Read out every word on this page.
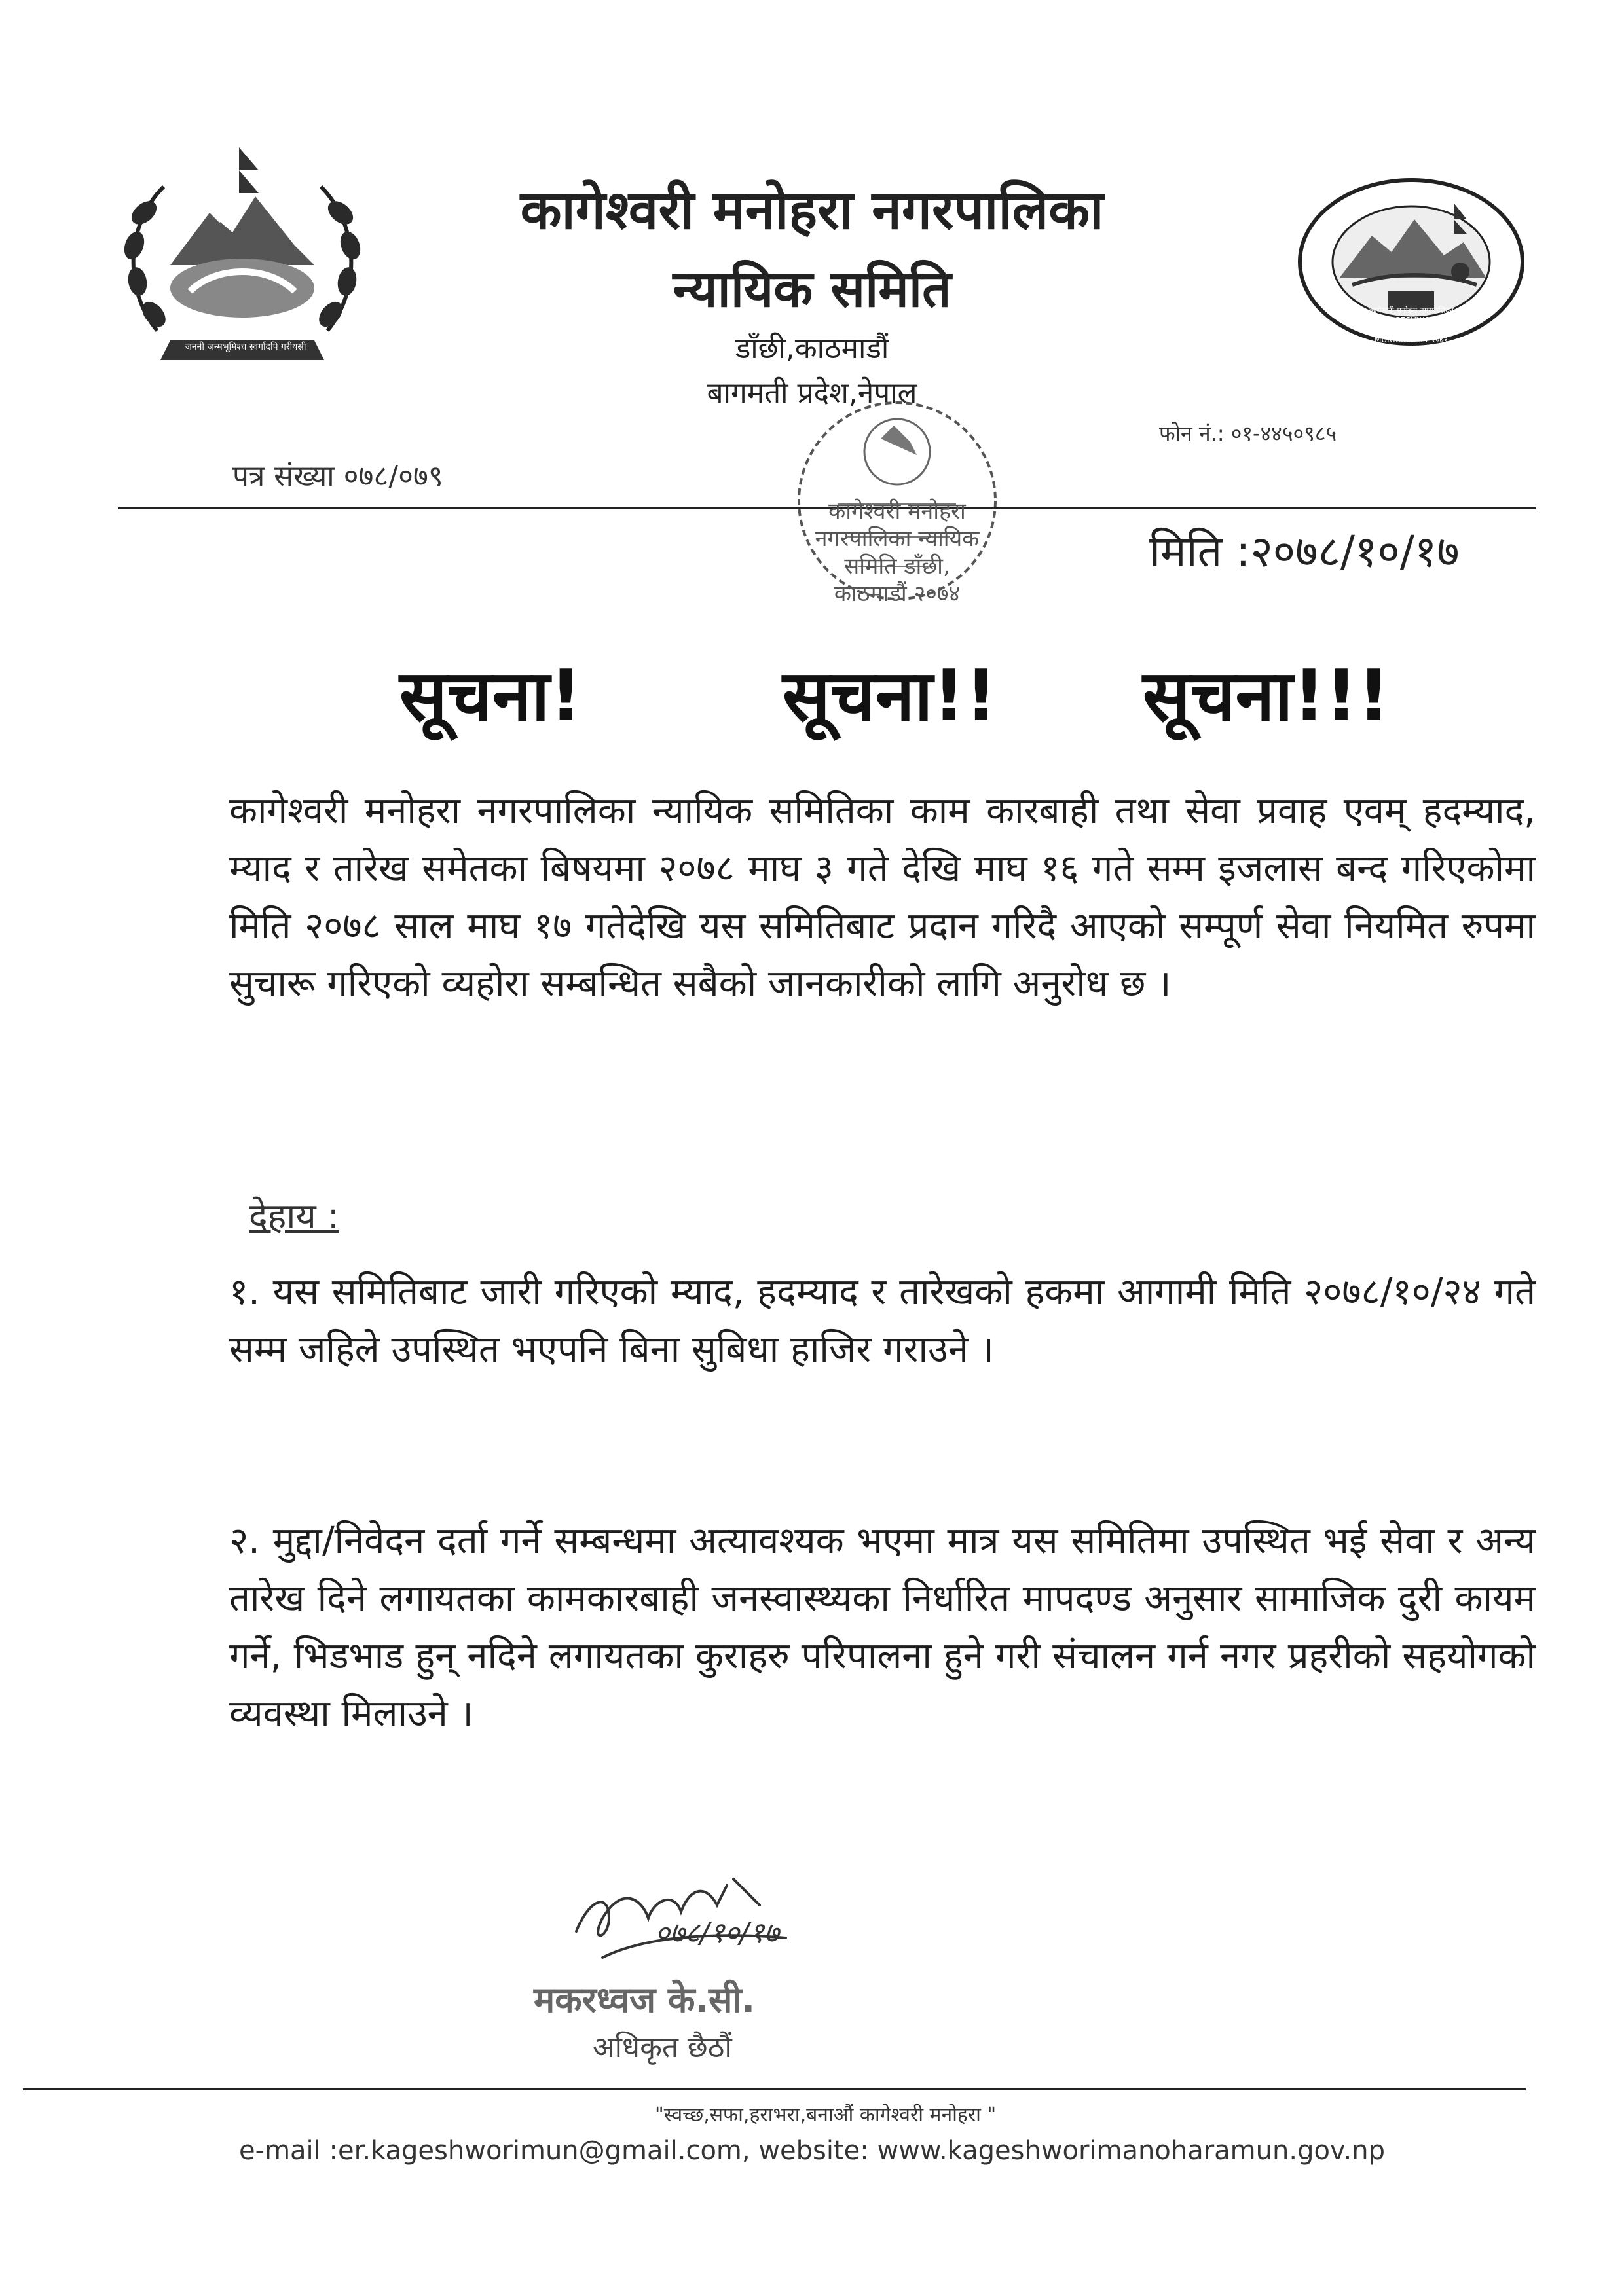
जननी जन्मभूमिश्च स्वर्गादपि गरीयसी
कागेश्वरी मनोहरा नगरपालिका KAGESHWORI MANOHARA MUNICIPALITY २०७१
कागेश्वरी मनोहरा नगरपालिका
न्यायिक समिति
डाँछी,काठमाडौं
बागमती प्रदेश,नेपाल
फोन नं.: ०१-४४५०९८५
पत्र संख्या ०७८/०७९
कागेश्वरी मनोहरा नगरपालिका न्यायिक समिति डाँछी, काठमाडौं २०७४
मिति :२०७८/१०/१७
सूचना!	सूचना!! सूचना!!!
कागेश्वरी मनोहरा नगरपालिका न्यायिक समितिका काम कारबाही तथा सेवा प्रवाह एवम् हदम्याद, म्याद र तारेख समेतका बिषयमा २०७८ माघ ३ गते देखि माघ १६ गते सम्म इजलास बन्द गरिएकोमा मिति २०७८ साल माघ १७ गतेदेखि यस समितिबाट प्रदान गरिदै आएको सम्पूर्ण सेवा नियमित रुपमा सुचारू गरिएको व्यहोरा सम्बन्धित सबैको जानकारीको लागि अनुरोध छ ।
देहाय :
१. यस समितिबाट जारी गरिएको म्याद, हदम्याद र तारेखको हकमा आगामी मिति २०७८/१०/२४ गते सम्म जहिले उपस्थित भएपनि बिना सुबिधा हाजिर गराउने ।
२. मुद्दा/निवेदन दर्ता गर्ने सम्बन्धमा अत्यावश्यक भएमा मात्र यस समितिमा उपस्थित भई सेवा र अन्य तारेख दिने लगायतका कामकारबाही जनस्वास्थ्यका निर्धारित मापदण्ड अनुसार सामाजिक दुरी कायम गर्ने, भिडभाड हुन् नदिने लगायतका कुराहरु परिपालना हुने गरी संचालन गर्न नगर प्रहरीको सहयोगको व्यवस्था मिलाउने ।
०७८/१०/१७
मकरध्वज के.सी.
अधिकृत छैठौं
"स्वच्छ,सफा,हराभरा,बनाऔं कागेश्वरी मनोहरा "
e-mail :er.kageshworimun@gmail.com, website: www.kageshworimanoharamun.gov.np
